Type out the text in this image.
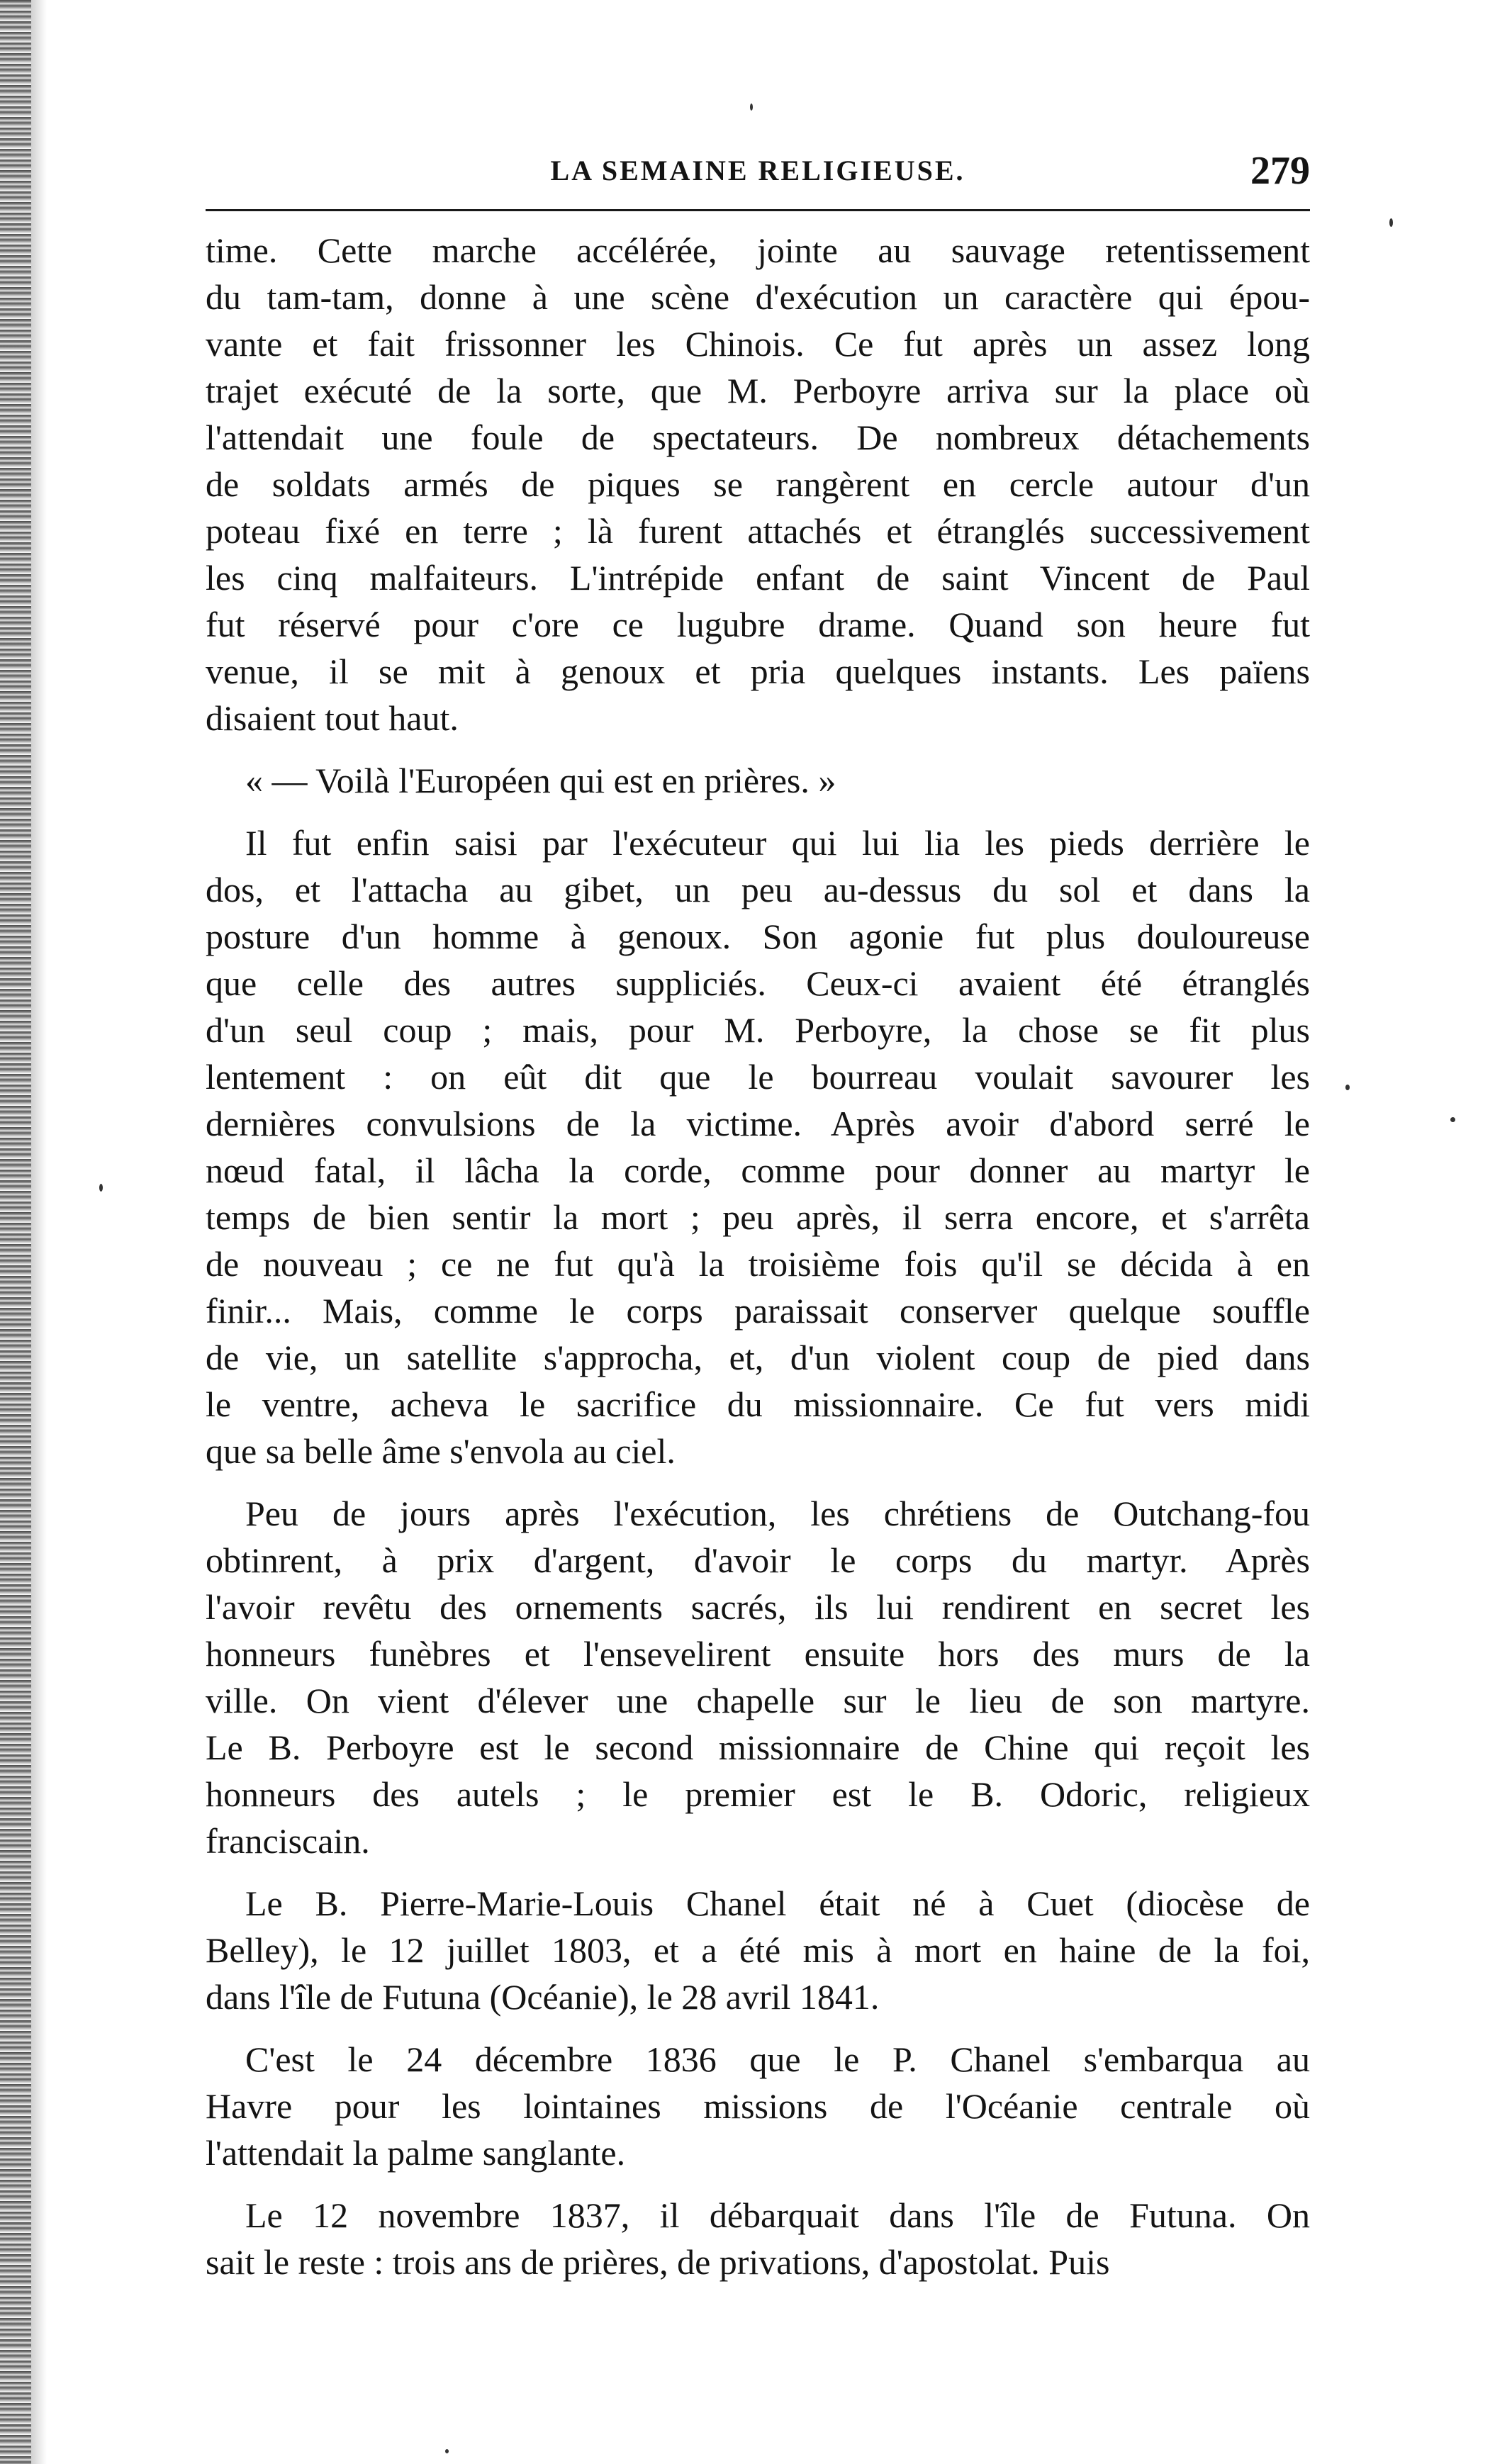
LA SEMAINE RELIGIEUSE.	279
time. Cette marche accélérée, jointe au sauvage retentissement
du tam-tam, donne à une scène d'exécution un caractère qui épou-
vante et fait frissonner les Chinois. Ce fut après un assez long
trajet exécuté de la sorte, que M. Perboyre arriva sur la place où
l'attendait une foule de spectateurs. De nombreux détachements
de soldats armés de piques se rangèrent en cercle autour d'un
poteau fixé en terre ; là furent attachés et étranglés successivement
les cinq malfaiteurs. L'intrépide enfant de saint Vincent de Paul
fut réservé pour c'ore ce lugubre drame. Quand son heure fut
venue, il se mit à genoux et pria quelques instants. Les païens
disaient tout haut.
« — Voilà l'Européen qui est en prières. »
Il fut enfin saisi par l'exécuteur qui lui lia les pieds derrière le
dos, et l'attacha au gibet, un peu au-dessus du sol et dans la
posture d'un homme à genoux. Son agonie fut plus douloureuse
que celle des autres suppliciés. Ceux-ci avaient été étranglés
d'un seul coup ; mais, pour M. Perboyre, la chose se fit plus
lentement : on eût dit que le bourreau voulait savourer les
dernières convulsions de la victime. Après avoir d'abord serré le
nœud fatal, il lâcha la corde, comme pour donner au martyr le
temps de bien sentir la mort ; peu après, il serra encore, et s'arrêta
de nouveau ; ce ne fut qu'à la troisième fois qu'il se décida à en
finir... Mais, comme le corps paraissait conserver quelque souffle
de vie, un satellite s'approcha, et, d'un violent coup de pied dans
le ventre, acheva le sacrifice du missionnaire. Ce fut vers midi
que sa belle âme s'envola au ciel.
Peu de jours après l'exécution, les chrétiens de Outchang-fou
obtinrent, à prix d'argent, d'avoir le corps du martyr. Après
l'avoir revêtu des ornements sacrés, ils lui rendirent en secret les
honneurs funèbres et l'ensevelirent ensuite hors des murs de la
ville. On vient d'élever une chapelle sur le lieu de son martyre.
Le B. Perboyre est le second missionnaire de Chine qui reçoit les
honneurs des autels ; le premier est le B. Odoric, religieux
franciscain.
Le B. Pierre-Marie-Louis Chanel était né à Cuet (diocèse de
Belley), le 12 juillet 1803, et a été mis à mort en haine de la foi,
dans l'île de Futuna (Océanie), le 28 avril 1841.
C'est le 24 décembre 1836 que le P. Chanel s'embarqua au
Havre pour les lointaines missions de l'Océanie centrale où
l'attendait la palme sanglante.
Le 12 novembre 1837, il débarquait dans l'île de Futuna. On
sait le reste : trois ans de prières, de privations, d'apostolat. Puis
